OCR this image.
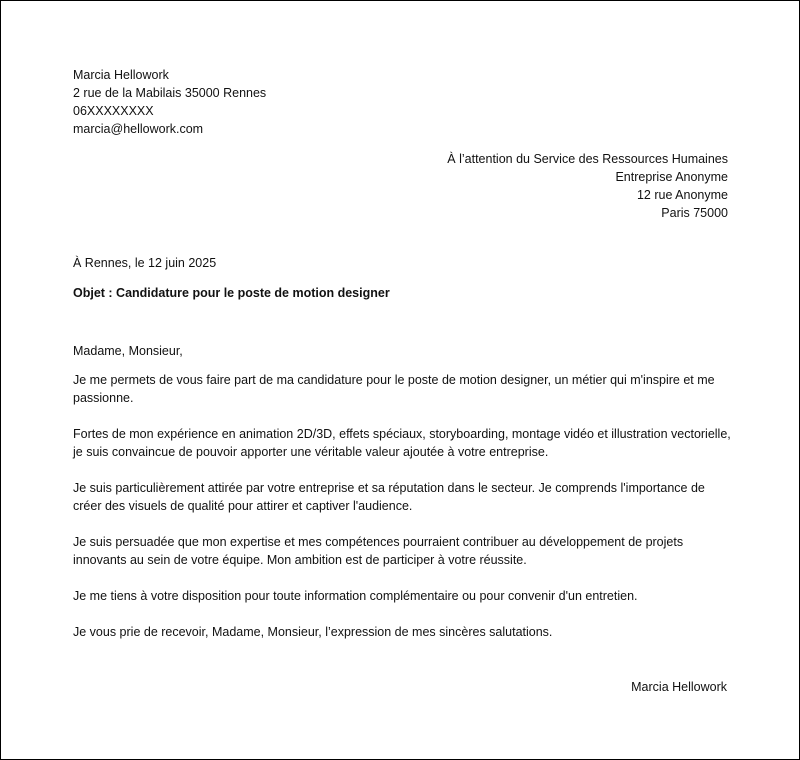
Marcia Hellowork
2 rue de la Mabilais 35000 Rennes
06XXXXXXXX
marcia@hellowork.com
À l’attention du Service des Ressources Humaines
Entreprise Anonyme
12 rue Anonyme
Paris 75000
À Rennes, le 12 juin 2025
Objet : Candidature pour le poste de motion designer

Madame, Monsieur,

Je me permets de vous faire part de ma candidature pour le poste de motion designer, un métier qui m'inspire et me passionne.

Fortes de mon expérience en animation 2D/3D, effets spéciaux, storyboarding, montage vidéo et illustration vectorielle, je suis convaincue de pouvoir apporter une véritable valeur ajoutée à votre entreprise.

Je suis particulièrement attirée par votre entreprise et sa réputation dans le secteur. Je comprends l'importance de créer des visuels de qualité pour attirer et captiver l'audience.

Je suis persuadée que mon expertise et mes compétences pourraient contribuer au développement de projets innovants au sein de votre équipe. Mon ambition est de participer à votre réussite.

Je me tiens à votre disposition pour toute information complémentaire ou pour convenir d'un entretien.

Je vous prie de recevoir, Madame, Monsieur, l’expression de mes sincères salutations.

Marcia Hellowork
